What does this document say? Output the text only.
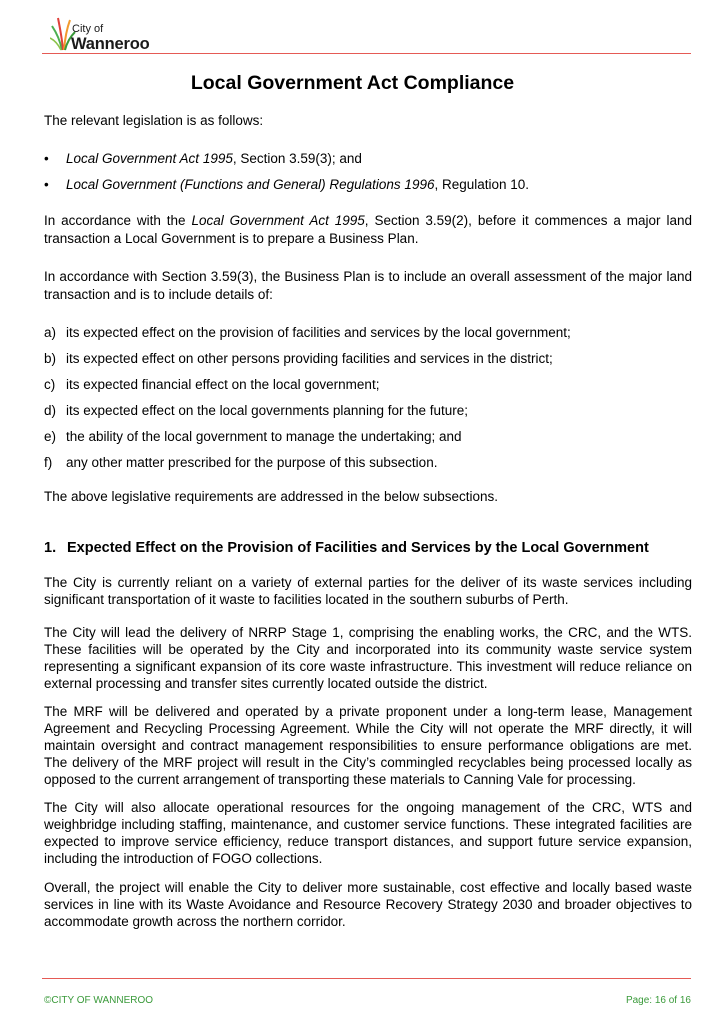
City of
Wanneroo
Local Government Act Compliance

The relevant legislation is as follows:

• Local Government Act 1995, Section 3.59(3); and
• Local Government (Functions and General) Regulations 1996, Regulation 10.

In accordance with the Local Government Act 1995, Section 3.59(2), before it commences a major land transaction a Local Government is to prepare a Business Plan.

In accordance with Section 3.59(3), the Business Plan is to include an overall assessment of the major land transaction and is to include details of:

a) its expected effect on the provision of facilities and services by the local government;
b) its expected effect on other persons providing facilities and services in the district;
c) its expected financial effect on the local government;
d) its expected effect on the local governments planning for the future;
e) the ability of the local government to manage the undertaking; and
f) any other matter prescribed for the purpose of this subsection.

The above legislative requirements are addressed in the below subsections.

1. Expected Effect on the Provision of Facilities and Services by the Local Government

The City is currently reliant on a variety of external parties for the deliver of its waste services including significant transportation of it waste to facilities located in the southern suburbs of Perth.

The City will lead the delivery of NRRP Stage 1, comprising the enabling works, the CRC, and the WTS. These facilities will be operated by the City and incorporated into its community waste service system representing a significant expansion of its core waste infrastructure. This investment will reduce reliance on external processing and transfer sites currently located outside the district.

The MRF will be delivered and operated by a private proponent under a long-term lease, Management Agreement and Recycling Processing Agreement. While the City will not operate the MRF directly, it will maintain oversight and contract management responsibilities to ensure performance obligations are met. The delivery of the MRF project will result in the City’s commingled recyclables being processed locally as opposed to the current arrangement of transporting these materials to Canning Vale for processing.

The City will also allocate operational resources for the ongoing management of the CRC, WTS and weighbridge including staffing, maintenance, and customer service functions. These integrated facilities are expected to improve service efficiency, reduce transport distances, and support future service expansion, including the introduction of FOGO collections.

Overall, the project will enable the City to deliver more sustainable, cost effective and locally based waste services in line with its Waste Avoidance and Resource Recovery Strategy 2030 and broader objectives to accommodate growth across the northern corridor.

©CITY OF WANNEROO	Page: 16 of 16
